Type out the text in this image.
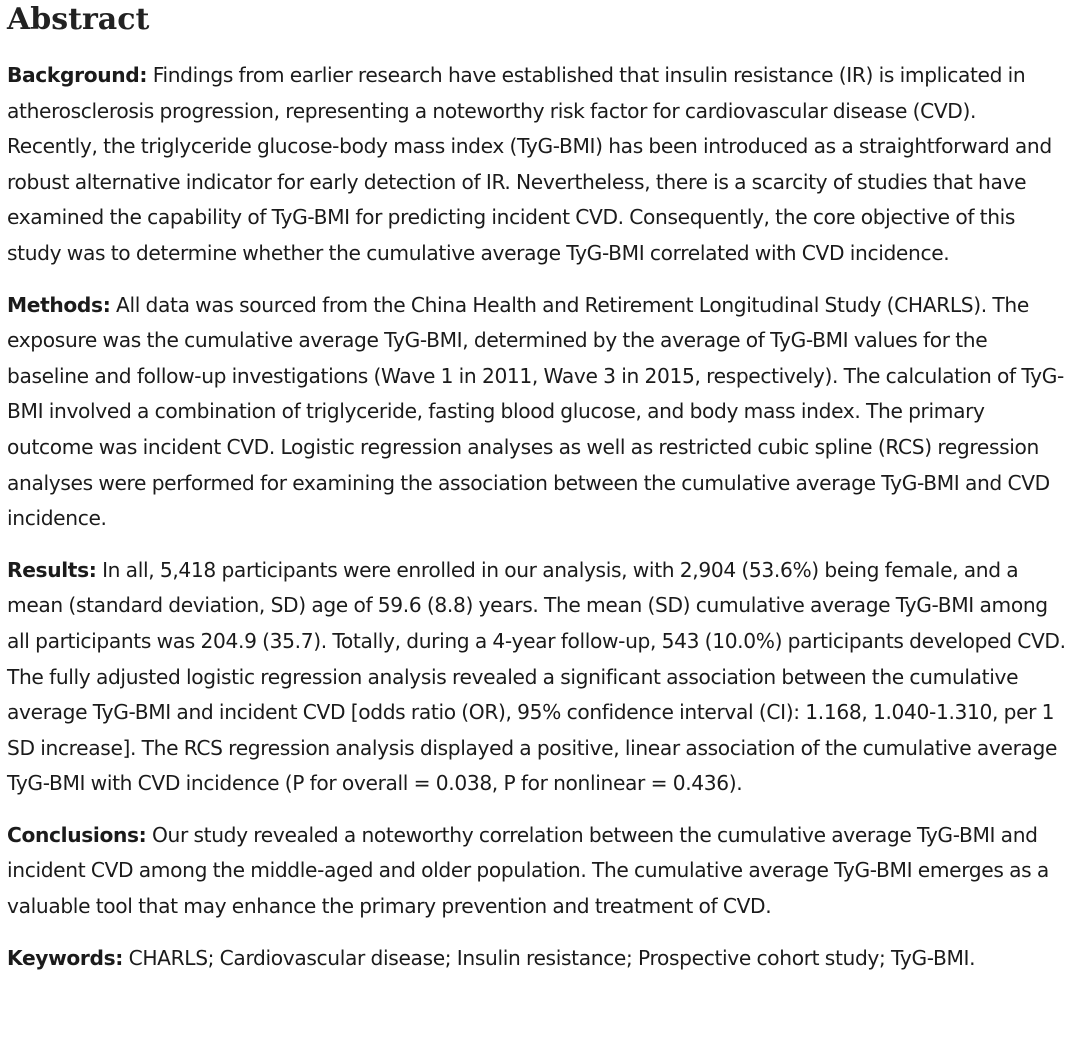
Abstract

Background: Findings from earlier research have established that insulin resistance (IR) is implicated in atherosclerosis progression, representing a noteworthy risk factor for cardiovascular disease (CVD). Recently, the triglyceride glucose-body mass index (TyG-BMI) has been introduced as a straightforward and robust alternative indicator for early detection of IR. Nevertheless, there is a scarcity of studies that have examined the capability of TyG-BMI for predicting incident CVD. Consequently, the core objective of this study was to determine whether the cumulative average TyG-BMI correlated with CVD incidence.

Methods: All data was sourced from the China Health and Retirement Longitudinal Study (CHARLS). The exposure was the cumulative average TyG-BMI, determined by the average of TyG-BMI values for the baseline and follow-up investigations (Wave 1 in 2011, Wave 3 in 2015, respectively). The calculation of TyG-BMI involved a combination of triglyceride, fasting blood glucose, and body mass index. The primary outcome was incident CVD. Logistic regression analyses as well as restricted cubic spline (RCS) regression analyses were performed for examining the association between the cumulative average TyG-BMI and CVD incidence.

Results: In all, 5,418 participants were enrolled in our analysis, with 2,904 (53.6%) being female, and a mean (standard deviation, SD) age of 59.6 (8.8) years. The mean (SD) cumulative average TyG-BMI among all participants was 204.9 (35.7). Totally, during a 4-year follow-up, 543 (10.0%) participants developed CVD. The fully adjusted logistic regression analysis revealed a significant association between the cumulative average TyG-BMI and incident CVD [odds ratio (OR), 95% confidence interval (CI): 1.168, 1.040-1.310, per 1 SD increase]. The RCS regression analysis displayed a positive, linear association of the cumulative average TyG-BMI with CVD incidence (P for overall = 0.038, P for nonlinear = 0.436).

Conclusions: Our study revealed a noteworthy correlation between the cumulative average TyG-BMI and incident CVD among the middle-aged and older population. The cumulative average TyG-BMI emerges as a valuable tool that may enhance the primary prevention and treatment of CVD.

Keywords: CHARLS; Cardiovascular disease; Insulin resistance; Prospective cohort study; TyG-BMI.
